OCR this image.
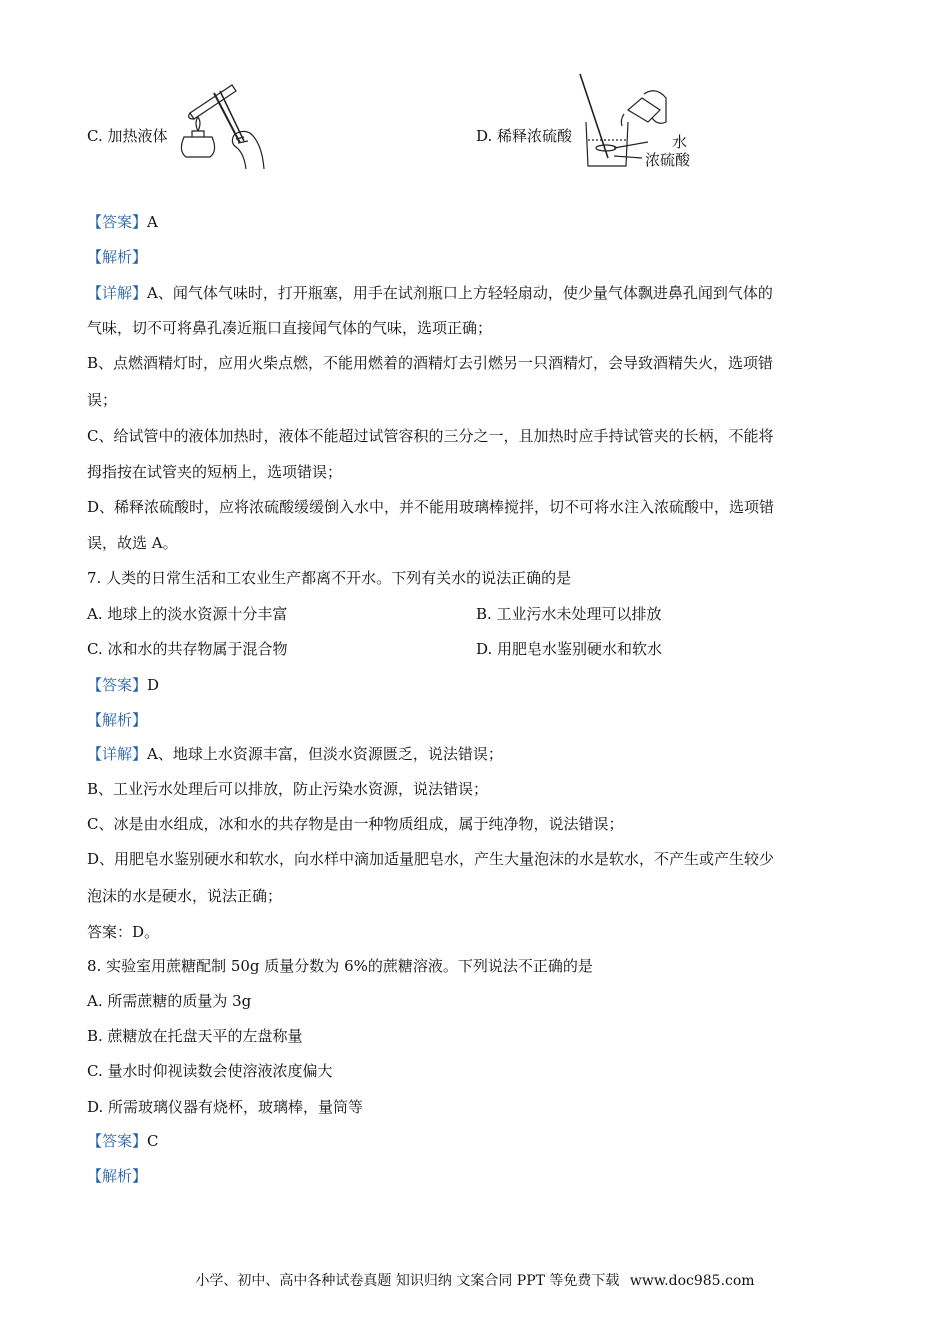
C. 加热液体	D. 稀释浓硫酸	水
浓硫酸
【答案】A
【解析】
【详解】A、闻气体气味时，打开瓶塞，用手在试剂瓶口上方轻轻扇动，使少量气体飘进鼻孔闻到气体的
气味，切不可将鼻孔凑近瓶口直接闻气体的气味，选项正确；
B、点燃酒精灯时，应用火柴点燃，不能用燃着的酒精灯去引燃另一只酒精灯，会导致酒精失火，选项错
误；
C、给试管中的液体加热时，液体不能超过试管容积的三分之一，且加热时应手持试管夹的长柄，不能将
拇指按在试管夹的短柄上，选项错误；
D、稀释浓硫酸时，应将浓硫酸缓缓倒入水中，并不能用玻璃棒搅拌，切不可将水注入浓硫酸中，选项错
误，故选 A。
7. 人类的日常生活和工农业生产都离不开水。下列有关水的说法正确的是
A. 地球上的淡水资源十分丰富	B. 工业污水未处理可以排放
C. 冰和水的共存物属于混合物	D. 用肥皂水鉴别硬水和软水
【答案】D
【解析】
【详解】A、地球上水资源丰富，但淡水资源匮乏，说法错误；
B、工业污水处理后可以排放，防止污染水资源，说法错误；
C、冰是由水组成，冰和水的共存物是由一种物质组成，属于纯净物，说法错误；
D、用肥皂水鉴别硬水和软水，向水样中滴加适量肥皂水，产生大量泡沫的水是软水，不产生或产生较少
泡沫的水是硬水，说法正确；
答案：D。
8. 实验室用蔗糖配制 50g 质量分数为 6%的蔗糖溶液。下列说法不正确的是
A. 所需蔗糖的质量为 3g
B. 蔗糖放在托盘天平的左盘称量
C. 量水时仰视读数会使溶液浓度偏大
D. 所需玻璃仪器有烧杯，玻璃棒，量筒等
【答案】C
【解析】
小学、初中、高中各种试卷真题 知识归纳 文案合同 PPT 等免费下载 www.doc985.com
